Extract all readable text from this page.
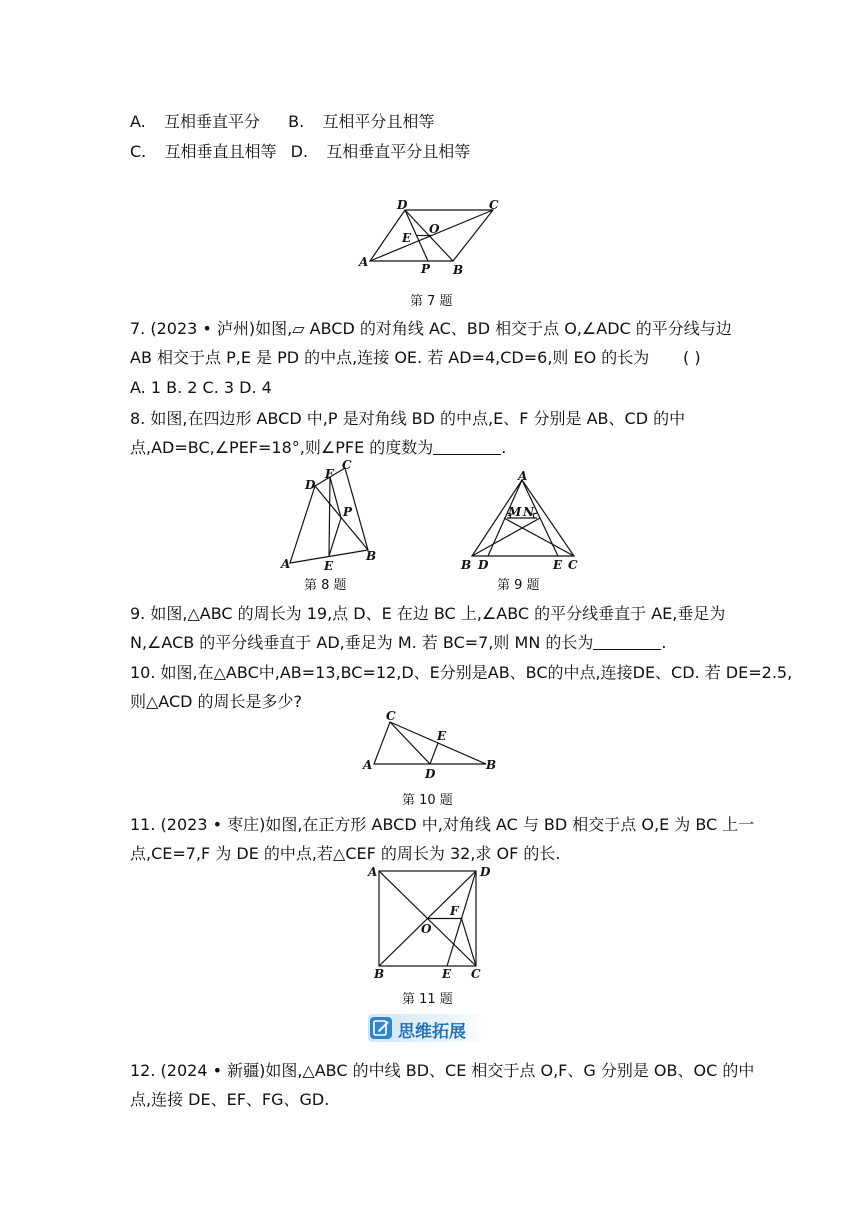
A. 互相垂直平分 B. 互相平分且相等
C. 互相垂直且相等 D. 互相垂直平分且相等
A
B
C
D
E
O
P
第 7 题
7. (2023 • 泸州)如图,▱ ABCD 的对角线 AC、BD 相交于点 O,∠ADC 的平分线与边
AB 相交于点 P,E 是 PD 的中点,连接 OE. 若 AD=4,CD=6,则 EO 的长为 ( )
A. 1 B. 2 C. 3 D. 4
8. 如图,在四边形 ABCD 中,P 是对角线 BD 的中点,E、F 分别是 AB、CD 的中
点,AD=BC,∠PEF=18°,则∠PFE 的度数为	.
A
B
C
D
E
F
P
第 8 题
A
B	C
D	E
M N
第 9 题
9. 如图,△ABC 的周长为 19,点 D、E 在边 BC 上,∠ABC 的平分线垂直于 AE,垂足为
N,∠ACB 的平分线垂直于 AD,垂足为 M. 若 BC=7,则 MN 的长为	.
10. 如图,在△ABC中,AB=13,BC=12,D、E分别是AB、BC的中点,连接DE、CD. 若 DE=2.5,
则△ACD 的周长是多少?
A	B
C
D
E
第 10 题
11. (2023 • 枣庄)如图,在正方形 ABCD 中,对角线 AC 与 BD 相交于点 O,E 为 BC 上一
点,CE=7,F 为 DE 的中点,若△CEF 的周长为 32,求 OF 的长.
A
B	C
D
E
F
O
第 11 题
思维拓展
12. (2024 • 新疆)如图,△ABC 的中线 BD、CE 相交于点 O,F、G 分别是 OB、OC 的中
点,连接 DE、EF、FG、GD.
